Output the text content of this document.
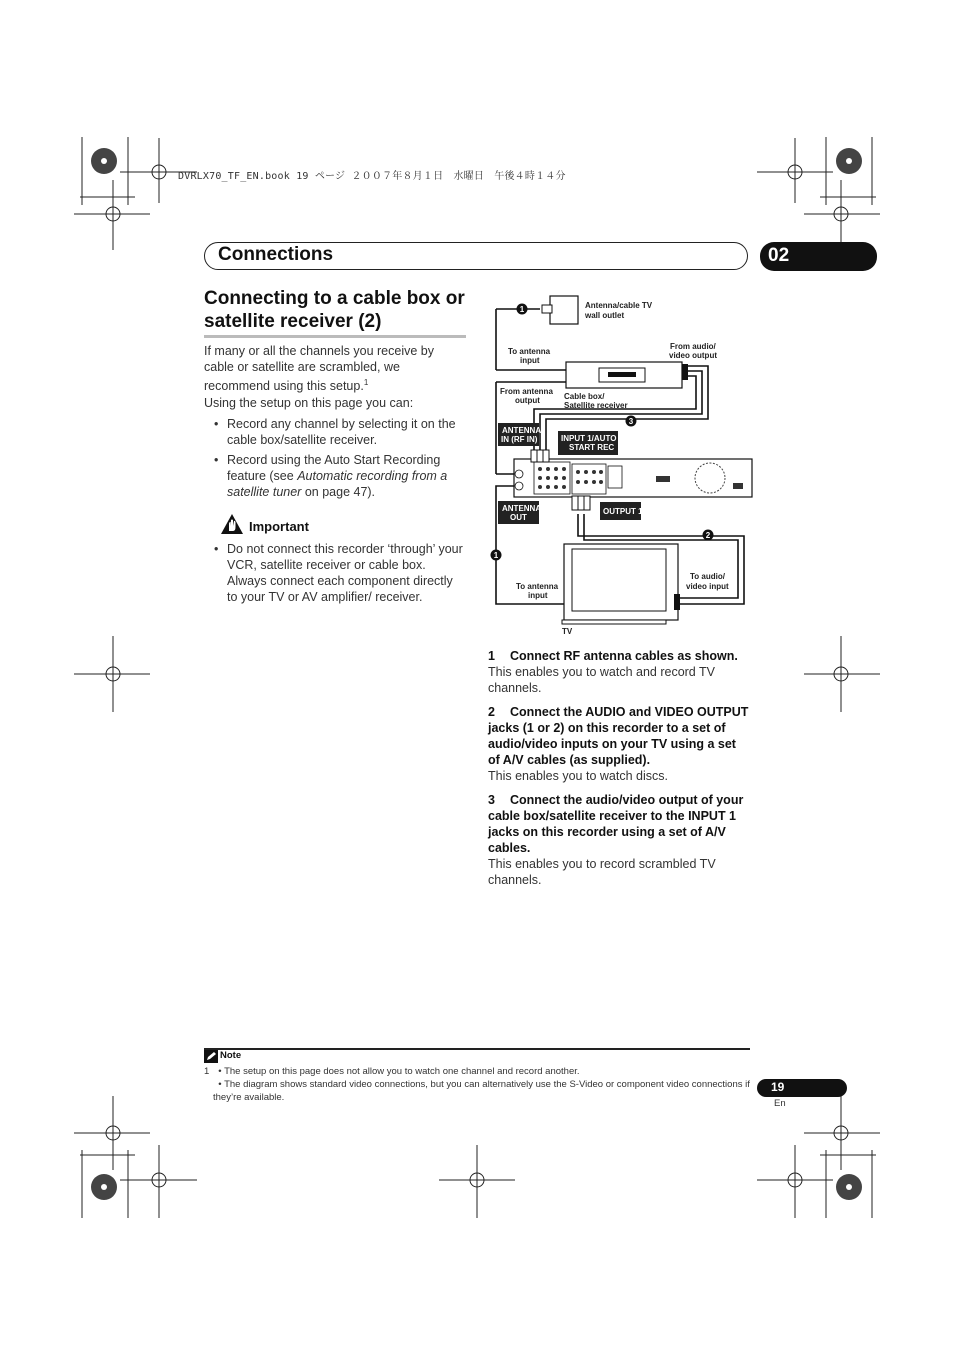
DVRLX70_TF_EN.book 19 ページ ２００７年８月１日　水曜日　午後４時１４分
Connections	02
Connecting to a cable box or satellite receiver (2)
If many or all the channels you receive by cable or satellite are scrambled, we recommend using this setup.$^1$
Using the setup on this page you can:
• Record any channel by selecting it on the cable box/satellite receiver.
• Record using the Auto Start Recording feature (see Automatic recording from a satellite tuner on page 47).
Important
• Do not connect this recorder ‘through’ your VCR, satellite receiver or cable box. Always connect each component directly to your TV or AV amplifier/ receiver.
Antenna/cable TV
wall outlet
To antenna
input
From audio/
video output
From antenna
output	Cable box/
Satellite receiver
ANTENNA
IN (RF IN)	INPUT 1/AUTO
START REC
ANTENNA
OUT
OUTPUT 1
To antenna
input
To audio/
video input
TV
1
1
2
3
1 Connect RF antenna cables as shown.
This enables you to watch and record TV channels.
2 Connect the AUDIO and VIDEO OUTPUT jacks (1 or 2) on this recorder to a set of audio/video inputs on your TV using a set of A/V cables (as supplied).
This enables you to watch discs.
3 Connect the audio/video output of your cable box/satellite receiver to the INPUT 1 jacks on this recorder using a set of A/V cables.
This enables you to record scrambled TV channels.
Note
1 • The setup on this page does not allow you to watch one channel and record another.
• The diagram shows standard video connections, but you can alternatively use the S-Video or component video connections if they’re available.
19
En
